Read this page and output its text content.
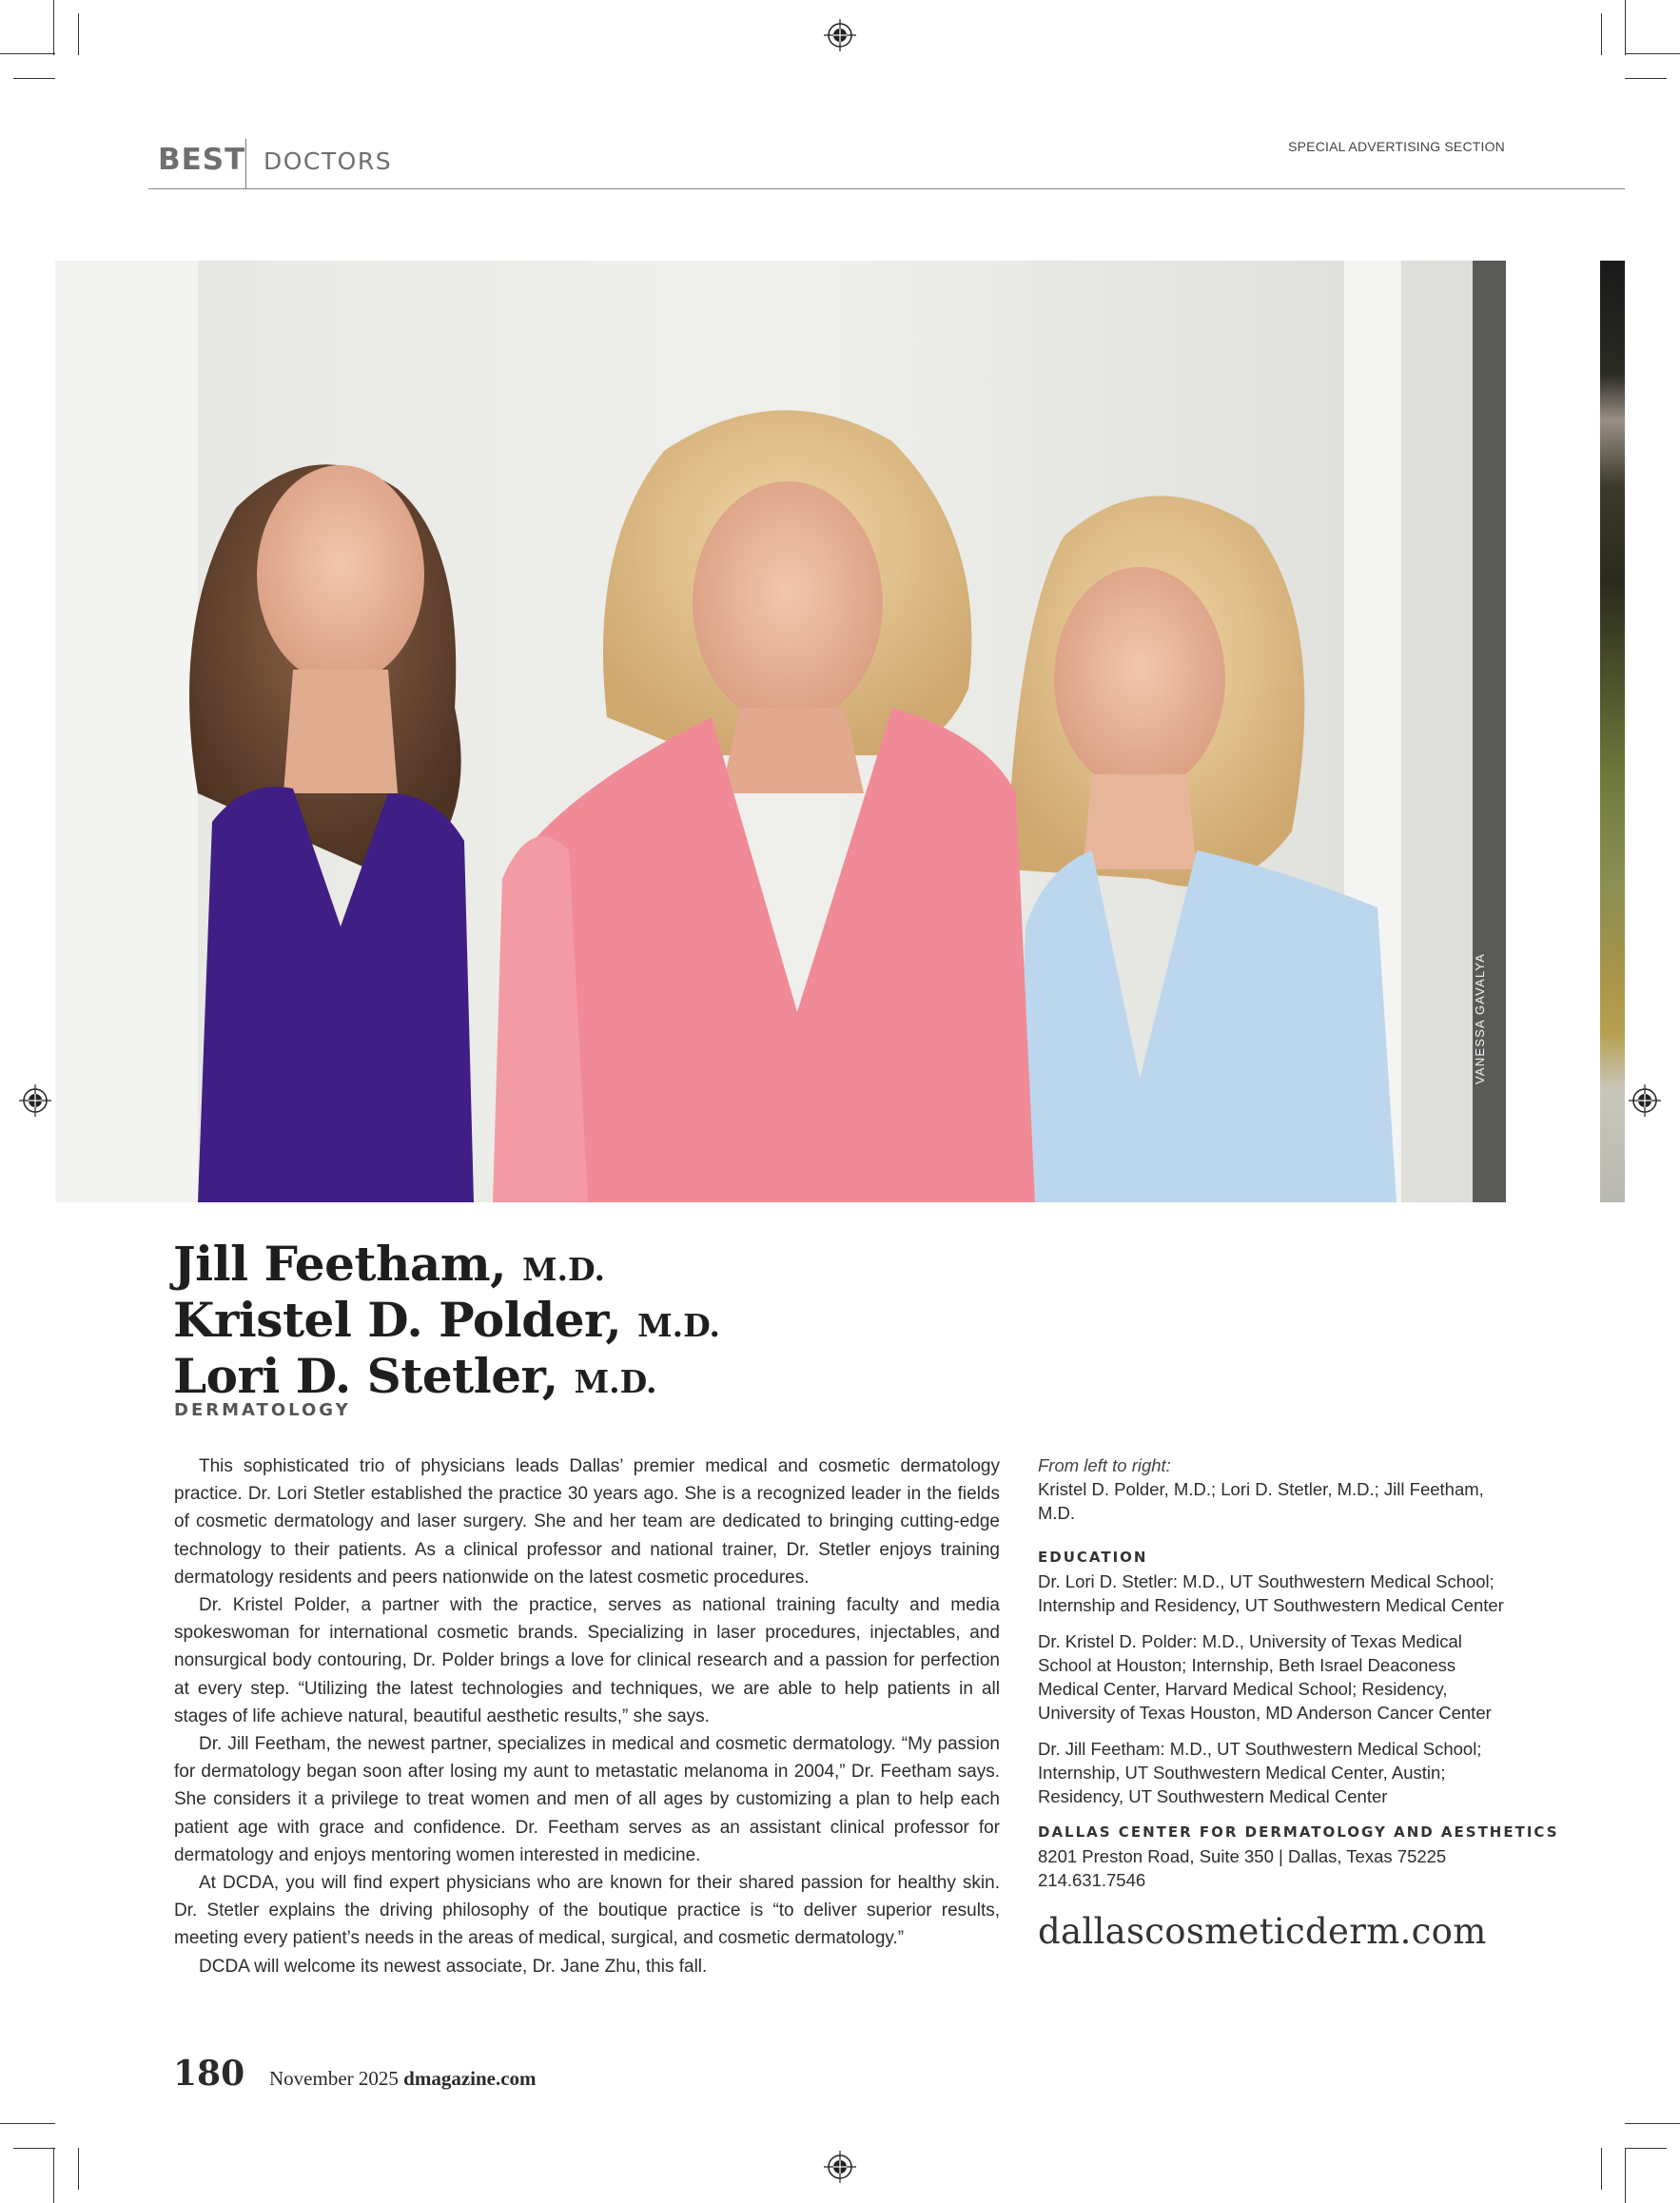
BEST DOCTORS
SPECIAL ADVERTISING SECTION
VANESSA GAVALYA
Jill Feetham, M.D.
Kristel D. Polder, M.D.
Lori D. Stetler, M.D.
DERMATOLOGY

This sophisticated trio of physicians leads Dallas’ premier medical and cosmetic dermatology practice. Dr. Lori Stetler established the practice 30 years ago. She is a recognized leader in the fields of cosmetic dermatology and laser surgery. She and her team are dedicated to bringing cutting-edge technology to their patients. As a clinical professor and national trainer, Dr. Stetler enjoys training dermatology residents and peers nationwide on the latest cosmetic procedures.

Dr. Kristel Polder, a partner with the practice, serves as national training faculty and media spokeswoman for international cosmetic brands. Specializing in laser procedures, injectables, and nonsurgical body contouring, Dr. Polder brings a love for clinical research and a passion for perfection at every step. “Utilizing the latest technologies and techniques, we are able to help patients in all stages of life achieve natural, beautiful aesthetic results,” she says.

Dr. Jill Feetham, the newest partner, specializes in medical and cosmetic dermatology. “My passion for dermatology began soon after losing my aunt to metastatic melanoma in 2004,” Dr. Feetham says. She considers it a privilege to treat women and men of all ages by customizing a plan to help each patient age with grace and confidence. Dr. Feetham serves as an assistant clinical professor for dermatology and enjoys mentoring women interested in medicine.

At DCDA, you will find expert physicians who are known for their shared passion for healthy skin. Dr. Stetler explains the driving philosophy of the boutique practice is “to deliver superior results, meeting every patient’s needs in the areas of medical, surgical, and cosmetic dermatology.”

DCDA will welcome its newest associate, Dr. Jane Zhu, this fall.

From left to right:
Kristel D. Polder, M.D.; Lori D. Stetler, M.D.; Jill Feetham, M.D.
EDUCATION
Dr. Lori D. Stetler: M.D., UT Southwestern Medical School; Internship and Residency, UT Southwestern Medical Center
Dr. Kristel D. Polder: M.D., University of Texas Medical School at Houston; Internship, Beth Israel Deaconess Medical Center, Harvard Medical School; Residency, University of Texas Houston, MD Anderson Cancer Center
Dr. Jill Feetham: M.D., UT Southwestern Medical School; Internship, UT Southwestern Medical Center, Austin; Residency, UT Southwestern Medical Center
DALLAS CENTER FOR DERMATOLOGY AND AESTHETICS
8201 Preston Road, Suite 350 | Dallas, Texas 75225
214.631.7546
dallascosmeticderm.com
180 November 2025 dmagazine.com
